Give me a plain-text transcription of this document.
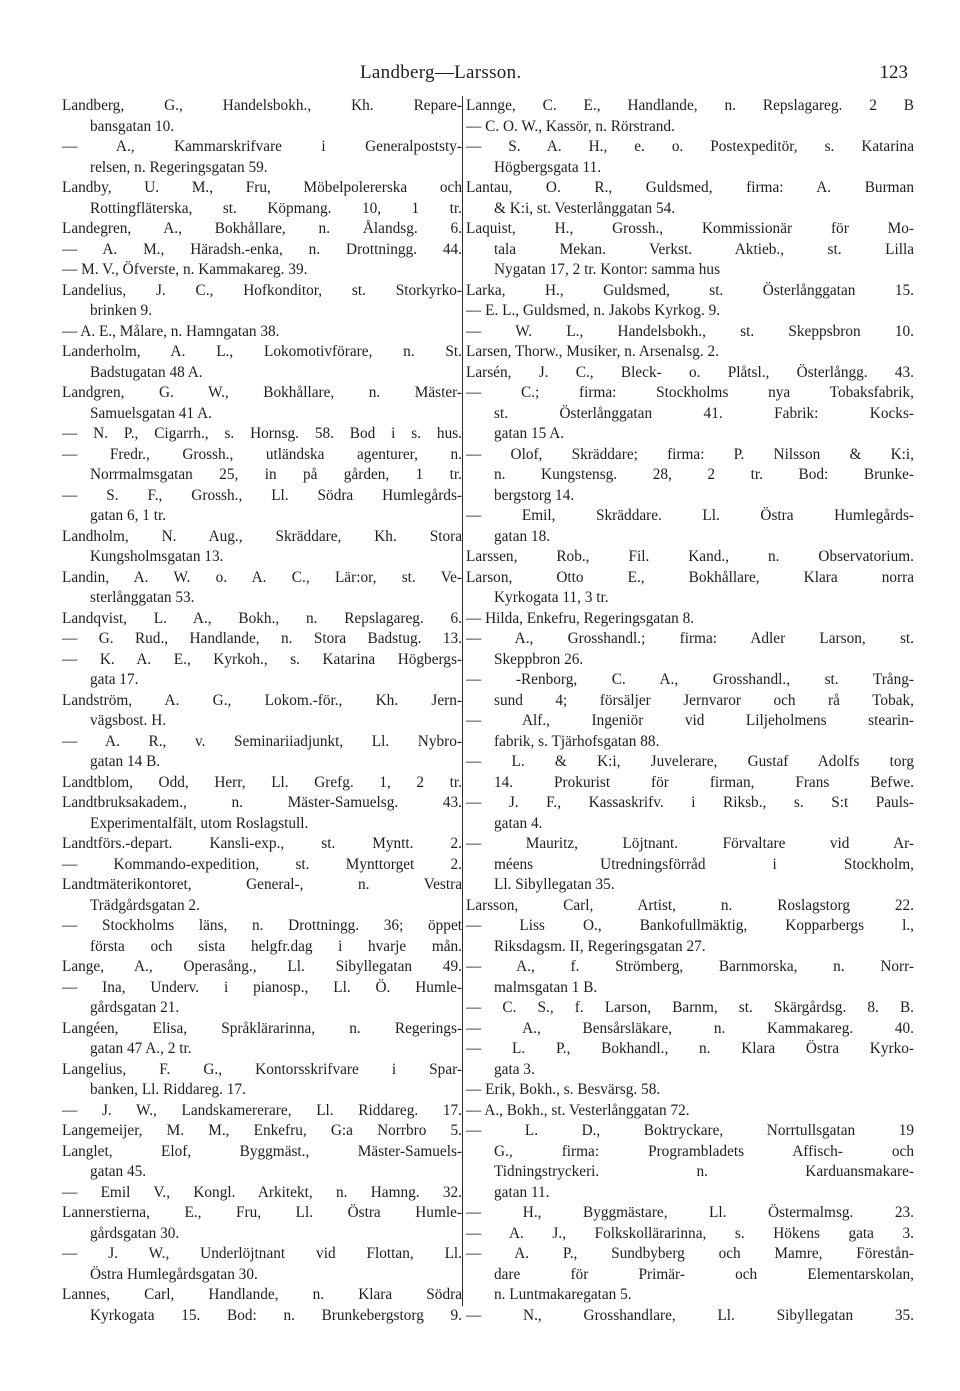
Landberg—Larsson.	123
Landberg, G., Handelsbokh., Kh. Repare-
bansgatan 10.
— A., Kammarskrifvare i Generalpoststy-
relsen, n. Regeringsgatan 59.
Landby, U. M., Fru, Möbelpolererska och
Rottingfläterska, st. Köpmang. 10, 1 tr.
Landegren, A., Bokhållare, n. Ålandsg. 6.
— A. M., Häradsh.-enka, n. Drottningg. 44.
— M. V., Öfverste, n. Kammakareg. 39.
Landelius, J. C., Hofkonditor, st. Storkyrko-
brinken 9.
— A. E., Målare, n. Hamngatan 38.
Landerholm, A. L., Lokomotivförare, n. St.
Badstugatan 48 A.
Landgren, G. W., Bokhållare, n. Mäster-
Samuelsgatan 41 A.
— N. P., Cigarrh., s. Hornsg. 58. Bod i s. hus.
— Fredr., Grossh., utländska agenturer, n.
Norrmalmsgatan 25, in på gården, 1 tr.
— S. F., Grossh., Ll. Södra Humlegårds-
gatan 6, 1 tr.
Landholm, N. Aug., Skräddare, Kh. Stora
Kungsholmsgatan 13.
Landin, A. W. o. A. C., Lär:or, st. Ve-
sterlånggatan 53.
Landqvist, L. A., Bokh., n. Repslagareg. 6.
— G. Rud., Handlande, n. Stora Badstug. 13.
— K. A. E., Kyrkoh., s. Katarina Högbergs-
gata 17.
Landström, A. G., Lokom.-för., Kh. Jern-
vägsbost. H.
— A. R., v. Seminariiadjunkt, Ll. Nybro-
gatan 14 B.
Landtblom, Odd, Herr, Ll. Grefg. 1, 2 tr.
Landtbruksakadem., n. Mäster-Samuelsg. 43.
Experimentalfält, utom Roslagstull.
Landtförs.-depart. Kansli-exp., st. Myntt. 2.
— Kommando-expedition, st. Mynttorget 2.
Landtmäterikontoret, General-, n. Vestra
Trädgårdsgatan 2.
— Stockholms läns, n. Drottningg. 36; öppet
första och sista helgfr.dag i hvarje mån.
Lange, A., Operasång., Ll. Sibyllegatan 49.
— Ina, Underv. i pianosp., Ll. Ö. Humle-
gårdsgatan 21.
Langéen, Elisa, Språklärarinna, n. Regerings-
gatan 47 A., 2 tr.
Langelius, F. G., Kontorsskrifvare i Spar-
banken, Ll. Riddareg. 17.
— J. W., Landskamererare, Ll. Riddareg. 17.
Langemeijer, M. M., Enkefru, G:a Norrbro 5.
Langlet, Elof, Byggmäst., Mäster-Samuels-
gatan 45.
— Emil V., Kongl. Arkitekt, n. Hamng. 32.
Lannerstierna, E., Fru, Ll. Östra Humle-
gårdsgatan 30.
— J. W., Underlöjtnant vid Flottan, Ll.
Östra Humlegårdsgatan 30.
Lannes, Carl, Handlande, n. Klara Södra
Kyrkogata 15. Bod: n. Brunkebergstorg 9.
Lannge, C. E., Handlande, n. Repslagareg. 2 B
— C. O. W., Kassör, n. Rörstrand.
— S. A. H., e. o. Postexpeditör, s. Katarina
Högbergsgata 11.
Lantau, O. R., Guldsmed, firma: A. Burman
& K:i, st. Vesterlånggatan 54.
Laquist, H., Grossh., Kommissionär för Mo-
tala Mekan. Verkst. Aktieb., st. Lilla
Nygatan 17, 2 tr. Kontor: samma hus
Larka, H., Guldsmed, st. Österlånggatan 15.
— E. L., Guldsmed, n. Jakobs Kyrkog. 9.
— W. L., Handelsbokh., st. Skeppsbron 10.
Larsen, Thorw., Musiker, n. Arsenalsg. 2.
Larsén, J. C., Bleck- o. Plåtsl., Österlångg. 43.
— C.; firma: Stockholms nya Tobaksfabrik,
st. Österlånggatan 41. Fabrik: Kocks-
gatan 15 A.
— Olof, Skräddare; firma: P. Nilsson & K:i,
n. Kungstensg. 28, 2 tr. Bod: Brunke-
bergstorg 14.
— Emil, Skräddare. Ll. Östra Humlegårds-
gatan 18.
Larssen, Rob., Fil. Kand., n. Observatorium.
Larson, Otto E., Bokhållare, Klara norra
Kyrkogata 11, 3 tr.
— Hilda, Enkefru, Regeringsgatan 8.
— A., Grosshandl.; firma: Adler Larson, st.
Skeppbron 26.
— -Renborg, C. A., Grosshandl., st. Trång-
sund 4; försäljer Jernvaror och rå Tobak,
— Alf., Ingeniör vid Liljeholmens stearin-
fabrik, s. Tjärhofsgatan 88.
— L. & K:i, Juvelerare, Gustaf Adolfs torg
14. Prokurist för firman, Frans Befwe.
— J. F., Kassaskrifv. i Riksb., s. S:t Pauls-
gatan 4.
— Mauritz, Löjtnant. Förvaltare vid Ar-
méens Utredningsförråd i Stockholm,
Ll. Sibyllegatan 35.
Larsson, Carl, Artist, n. Roslagstorg 22.
— Liss O., Bankofullmäktig, Kopparbergs l.,
Riksdagsm. II, Regeringsgatan 27.
— A., f. Strömberg, Barnmorska, n. Norr-
malmsgatan 1 B.
— C. S., f. Larson, Barnm, st. Skärgårdsg. 8. B.
— A., Bensårsläkare, n. Kammakareg. 40.
— L. P., Bokhandl., n. Klara Östra Kyrko-
gata 3.
— Erik, Bokh., s. Besvärsg. 58.
— A., Bokh., st. Vesterlånggatan 72.
— L. D., Boktryckare, Norrtullsgatan 19
G., firma: Programbladets Affisch- och
Tidningstryckeri. n. Karduansmakare-
gatan 11.
— H., Byggmästare, Ll. Östermalmsg. 23.
— A. J., Folkskollärarinna, s. Hökens gata 3.
— A. P., Sundbyberg och Mamre, Förestån-
dare för Primär- och Elementarskolan,
n. Luntmakaregatan 5.
— N., Grosshandlare, Ll. Sibyllegatan 35.
